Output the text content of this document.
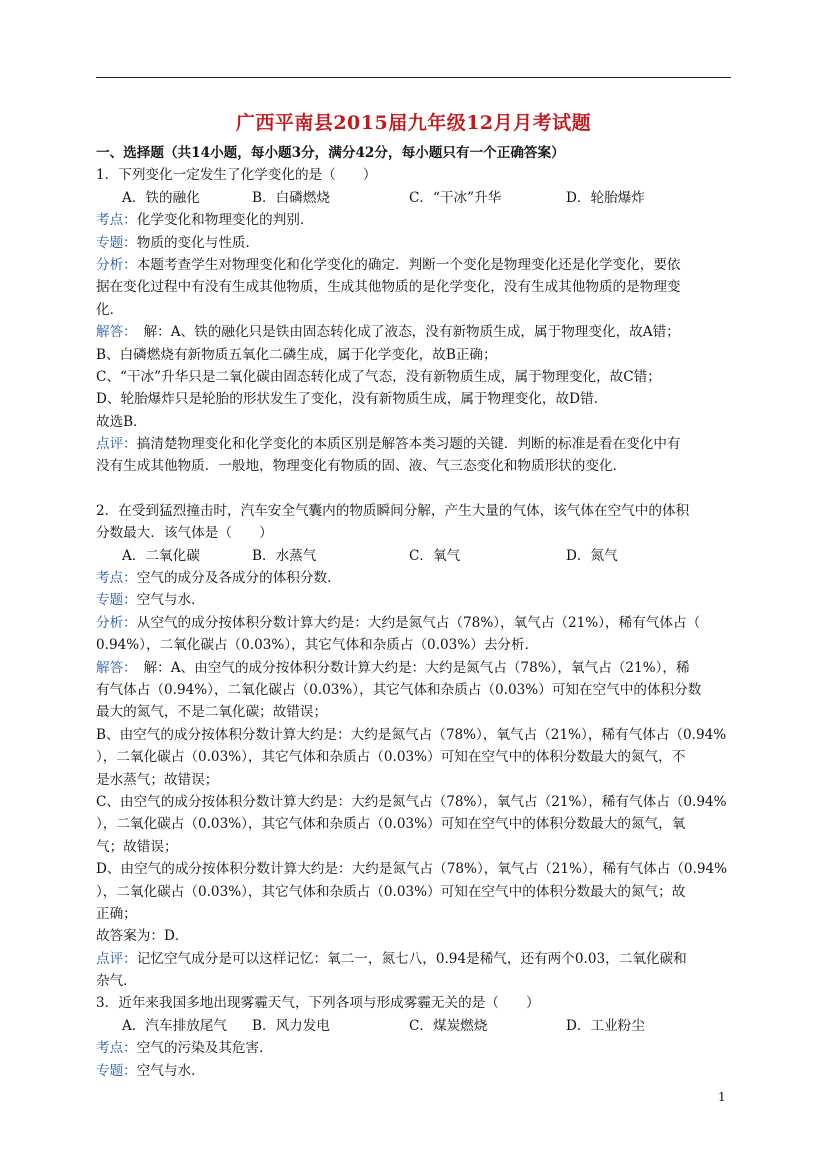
广西平南县2015届九年级12月月考试题
一、选择题（共14小题，每小题3分，满分42分，每小题只有一个正确答案）
1．下列变化一定发生了化学变化的是（　　）
A．铁的融化	B．白磷燃烧	C．“干冰”升华	D．轮胎爆炸
考点：化学变化和物理变化的判别．
专题：物质的变化与性质．
分析：本题考查学生对物理变化和化学变化的确定．判断一个变化是物理变化还是化学变化，要依
据在变化过程中有没有生成其他物质，生成其他物质的是化学变化，没有生成其他物质的是物理变
化．
解答：　解：A、铁的融化只是铁由固态转化成了液态，没有新物质生成，属于物理变化，故A错；
B、白磷燃烧有新物质五氧化二磷生成，属于化学变化，故B正确；
C、“干冰”升华只是二氧化碳由固态转化成了气态，没有新物质生成，属于物理变化，故C错；
D、轮胎爆炸只是轮胎的形状发生了变化，没有新物质生成，属于物理变化，故D错．
故选B．
点评：搞清楚物理变化和化学变化的本质区别是解答本类习题的关键．判断的标准是看在变化中有
没有生成其他物质．一般地，物理变化有物质的固、液、气三态变化和物质形状的变化．
2．在受到猛烈撞击时，汽车安全气囊内的物质瞬间分解，产生大量的气体，该气体在空气中的体积
分数最大．该气体是（　　）
A．二氧化碳	B．水蒸气	C．氧气	D．氮气
考点：空气的成分及各成分的体积分数．
专题：空气与水．
分析：从空气的成分按体积分数计算大约是：大约是氮气占（78%），氧气占（21%），稀有气体占（
0.94%），二氧化碳占（0.03%），其它气体和杂质占（0.03%）去分析．
解答：　解：A、由空气的成分按体积分数计算大约是：大约是氮气占（78%），氧气占（21%），稀
有气体占（0.94%），二氧化碳占（0.03%），其它气体和杂质占（0.03%）可知在空气中的体积分数
最大的氮气，不是二氧化碳；故错误；
B、由空气的成分按体积分数计算大约是：大约是氮气占（78%），氧气占（21%），稀有气体占（0.94%
），二氧化碳占（0.03%），其它气体和杂质占（0.03%）可知在空气中的体积分数最大的氮气，不
是水蒸气；故错误；
C、由空气的成分按体积分数计算大约是：大约是氮气占（78%），氧气占（21%），稀有气体占（0.94%
），二氧化碳占（0.03%），其它气体和杂质占（0.03%）可知在空气中的体积分数最大的氮气，氧
气；故错误；
D、由空气的成分按体积分数计算大约是：大约是氮气占（78%），氧气占（21%），稀有气体占（0.94%
），二氧化碳占（0.03%），其它气体和杂质占（0.03%）可知在空气中的体积分数最大的氮气；故
正确；
故答案为：D．
点评：记忆空气成分是可以这样记忆：氧二一，氮七八，0.94是稀气，还有两个0.03，二氧化碳和
杂气．
3．近年来我国多地出现雾霾天气，下列各项与形成雾霾无关的是（　　）
A．汽车排放尾气	B．风力发电	C．煤炭燃烧	D．工业粉尘
考点：空气的污染及其危害．
专题：空气与水．
1
